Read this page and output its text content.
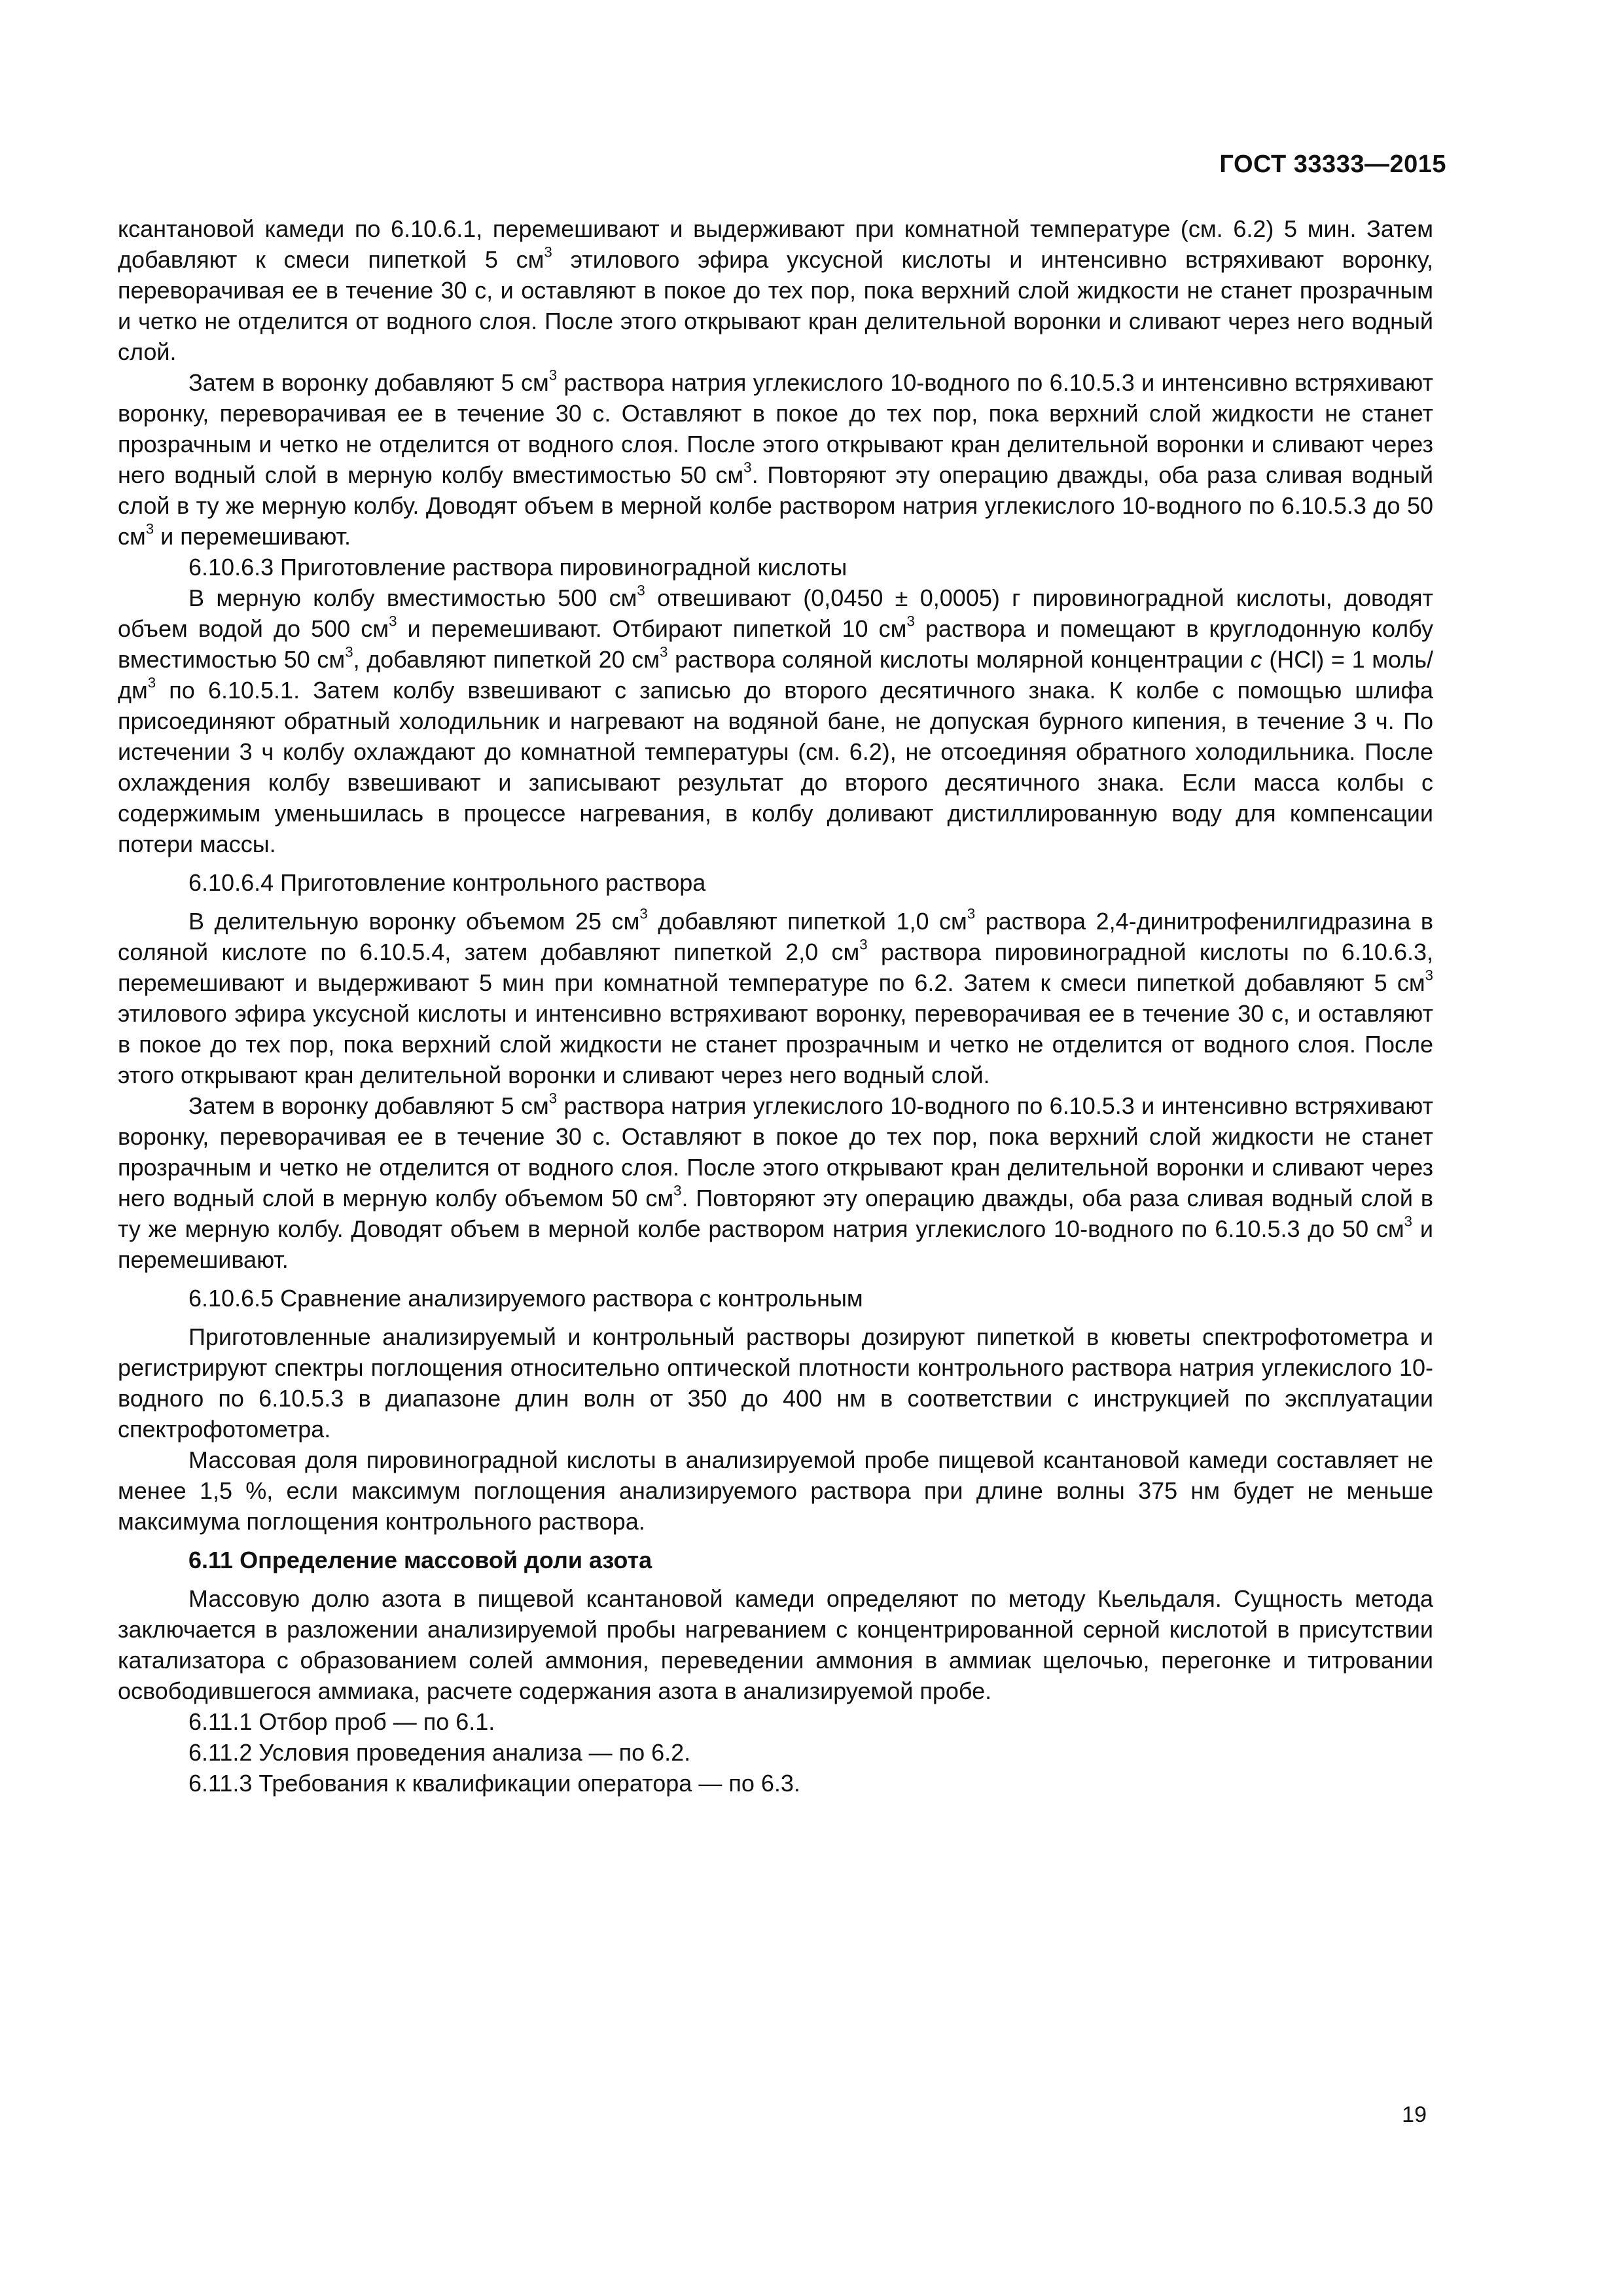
ГОСТ 33333—2015

ксантановой камеди по 6.10.6.1, перемешивают и выдерживают при комнатной температуре (см. 6.2) 5 мин. Затем добавляют к смеси пипеткой 5 $см^3$ этилового эфира уксусной кислоты и интенсивно встряхивают воронку, переворачивая ее в течение 30 с, и оставляют в покое до тех пор, пока верхний слой жидкости не станет прозрачным и четко не отделится от водного слоя. После этого открывают кран делительной воронки и сливают через него водный слой.

Затем в воронку добавляют 5 $см^3$ раствора натрия углекислого 10-водного по 6.10.5.3 и интенсивно встряхивают воронку, переворачивая ее в течение 30 с. Оставляют в покое до тех пор, пока верхний слой жидкости не станет прозрачным и четко не отделится от водного слоя. После этого открывают кран делительной воронки и сливают через него водный слой в мерную колбу вместимостью 50 $см^3$. Повторяют эту операцию дважды, оба раза сливая водный слой в ту же мерную колбу. Доводят объем в мерной колбе раствором натрия углекислого 10-водного по 6.10.5.3 до 50 $см^3$ и перемешивают.

6.10.6.3 Приготовление раствора пировиноградной кислоты

В мерную колбу вместимостью 500 $см^3$ отвешивают (0,0450 ± 0,0005) г пировиноградной кислоты, доводят объем водой до 500 $см^3$ и перемешивают. Отбирают пипеткой 10 $см^3$ раствора и помещают в круглодонную колбу вместимостью 50 $см^3$, добавляют пипеткой 20 $см^3$ раствора соляной кислоты молярной концентрации c (HCl) = 1 моль/$дм^3$ по 6.10.5.1. Затем колбу взвешивают с записью до второго десятичного знака. К колбе с помощью шлифа присоединяют обратный холодильник и нагревают на водяной бане, не допуская бурного кипения, в течение 3 ч. По истечении 3 ч колбу охлаждают до комнатной температуры (см. 6.2), не отсоединяя обратного холодильника. После охлаждения колбу взвешивают и записывают результат до второго десятичного знака. Если масса колбы с содержимым уменьшилась в процессе нагревания, в колбу доливают дистиллированную воду для компенсации потери массы.

6.10.6.4 Приготовление контрольного раствора

В делительную воронку объемом 25 $см^3$ добавляют пипеткой 1,0 $см^3$ раствора 2,4-динитрофенилгидразина в соляной кислоте по 6.10.5.4, затем добавляют пипеткой 2,0 $см^3$ раствора пировиноградной кислоты по 6.10.6.3, перемешивают и выдерживают 5 мин при комнатной температуре по 6.2. Затем к смеси пипеткой добавляют 5 $см^3$ этилового эфира уксусной кислоты и интенсивно встряхивают воронку, переворачивая ее в течение 30 с, и оставляют в покое до тех пор, пока верхний слой жидкости не станет прозрачным и четко не отделится от водного слоя. После этого открывают кран делительной воронки и сливают через него водный слой.

Затем в воронку добавляют 5 $см^3$ раствора натрия углекислого 10-водного по 6.10.5.3 и интенсивно встряхивают воронку, переворачивая ее в течение 30 с. Оставляют в покое до тех пор, пока верхний слой жидкости не станет прозрачным и четко не отделится от водного слоя. После этого открывают кран делительной воронки и сливают через него водный слой в мерную колбу объемом 50 $см^3$. Повторяют эту операцию дважды, оба раза сливая водный слой в ту же мерную колбу. Доводят объем в мерной колбе раствором натрия углекислого 10-водного по 6.10.5.3 до 50 $см^3$ и перемешивают.

6.10.6.5 Сравнение анализируемого раствора с контрольным

Приготовленные анализируемый и контрольный растворы дозируют пипеткой в кюветы спектрофотометра и регистрируют спектры поглощения относительно оптической плотности контрольного раствора натрия углекислого 10-водного по 6.10.5.3 в диапазоне длин волн от 350 до 400 нм в соответствии с инструкцией по эксплуатации спектрофотометра.

Массовая доля пировиноградной кислоты в анализируемой пробе пищевой ксантановой камеди составляет не менее 1,5 %, если максимум поглощения анализируемого раствора при длине волны 375 нм будет не меньше максимума поглощения контрольного раствора.

6.11 Определение массовой доли азота

Массовую долю азота в пищевой ксантановой камеди определяют по методу Кьельдаля. Сущность метода заключается в разложении анализируемой пробы нагреванием с концентрированной серной кислотой в присутствии катализатора с образованием солей аммония, переведении аммония в аммиак щелочью, перегонке и титровании освободившегося аммиака, расчете содержания азота в анализируемой пробе.

6.11.1 Отбор проб — по 6.1.

6.11.2 Условия проведения анализа — по 6.2.

6.11.3 Требования к квалификации оператора — по 6.3.

19
